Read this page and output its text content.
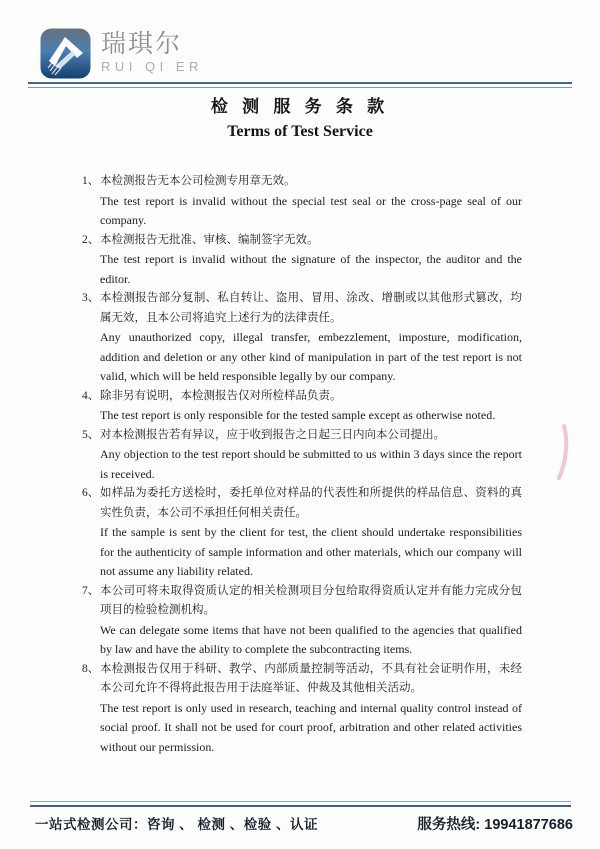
瑞琪尔
RUI QI ER
检 测 服 务 条 款
Terms of Test Service

1、 本检测报告无本公司检测专用章无效。

The test report is invalid without the special test seal or the cross-page seal of our company.

2、 本检测报告无批准、审核、编制签字无效。

The test report is invalid without the signature of the inspector, the auditor and the editor.

3、 本检测报告部分复制、私自转让、盗用、冒用、涂改、增删或以其他形式篡改，均属无效，且本公司将追究上述行为的法律责任。

Any unauthorized copy, illegal transfer, embezzlement, imposture, modification, addition and deletion or any other kind of manipulation in part of the test report is not valid, which will be held responsible legally by our company.

4、 除非另有说明，本检测报告仅对所检样品负责。

The test report is only responsible for the tested sample except as otherwise noted.

5、 对本检测报告若有异议，应于收到报告之日起三日内向本公司提出。

Any objection to the test report should be submitted to us within 3 days since the report is received.

6、 如样品为委托方送检时，委托单位对样品的代表性和所提供的样品信息、资料的真实性负责，本公司不承担任何相关责任。

If the sample is sent by the client for test, the client should undertake responsibilities for the authenticity of sample information and other materials, which our company will not assume any liability related.

7、 本公司可将未取得资质认定的相关检测项目分包给取得资质认定并有能力完成分包项目的检验检测机构。

We can delegate some items that have not been qualified to the agencies that qualified by law and have the ability to complete the subcontracting items.

8、 本检测报告仅用于科研、教学、内部质量控制等活动，不具有社会证明作用，未经本公司允许不得将此报告用于法庭举证、仲裁及其他相关活动。

The test report is only used in research, teaching and internal quality control instead of social proof. It shall not be used for court proof, arbitration and other related activities without our permission.

一站式检测公司：咨询 、 检测 、检验 、认证	服务热线: 19941877686
